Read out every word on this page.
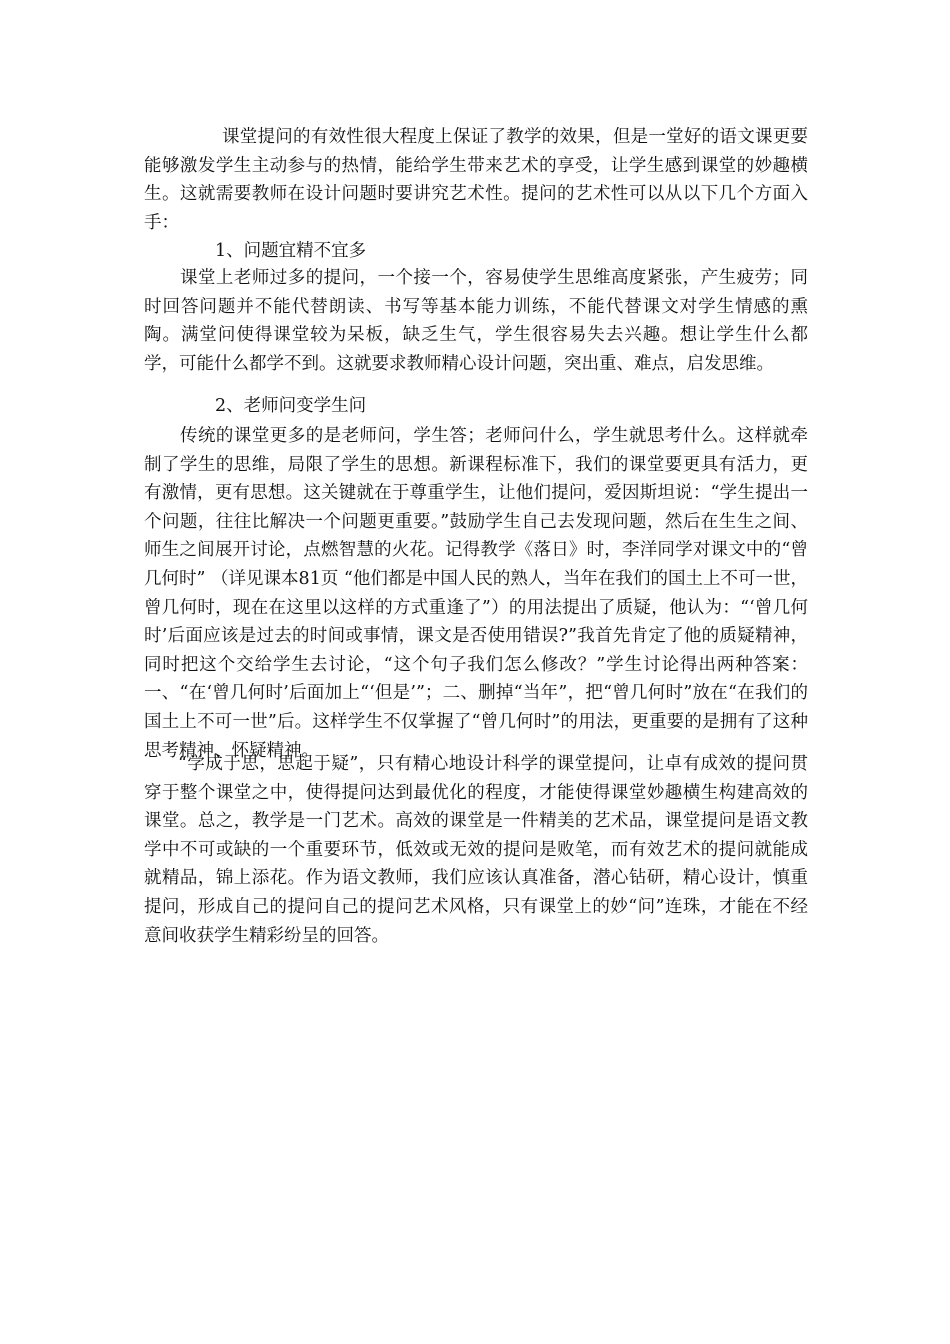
课堂提问的有效性很大程度上保证了教学的效果，但是一堂好的语文课更要能够激发学生主动参与的热情，能给学生带来艺术的享受，让学生感到课堂的妙趣横生。这就需要教师在设计问题时要讲究艺术性。提问的艺术性可以从以下几个方面入手：
1、问题宜精不宜多
课堂上老师过多的提问，一个接一个，容易使学生思维高度紧张，产生疲劳；同时回答问题并不能代替朗读、书写等基本能力训练，不能代替课文对学生情感的熏陶。满堂问使得课堂较为呆板，缺乏生气，学生很容易失去兴趣。想让学生什么都学，可能什么都学不到。这就要求教师精心设计问题，突出重、难点，启发思维。
2、老师问变学生问
传统的课堂更多的是老师问，学生答；老师问什么，学生就思考什么。这样就牵制了学生的思维，局限了学生的思想。新课程标准下，我们的课堂要更具有活力，更有激情，更有思想。这关键就在于尊重学生，让他们提问，爱因斯坦说：“学生提出一个问题，往往比解决一个问题更重要。”鼓励学生自己去发现问题，然后在生生之间、师生之间展开讨论，点燃智慧的火花。记得教学《落日》时，李洋同学对课文中的“曾几何时” （详见课本81页 “他们都是中国人民的熟人，当年在我们的国土上不可一世，曾几何时，现在在这里以这样的方式重逢了”）的用法提出了质疑，他认为：“‘曾几何时’后面应该是过去的时间或事情，课文是否使用错误?”我首先肯定了他的质疑精神，同时把这个交给学生去讨论，“这个句子我们怎么修改？”学生讨论得出两种答案：一、“在‘曾几何时’后面加上“‘但是’”；二、删掉“当年”，把“曾几何时”放在“在我们的国土上不可一世”后。这样学生不仅掌握了“曾几何时”的用法，更重要的是拥有了这种思考精神、怀疑精神。
“学成于思，思起于疑”，只有精心地设计科学的课堂提问，让卓有成效的提问贯穿于整个课堂之中，使得提问达到最优化的程度，才能使得课堂妙趣横生构建高效的课堂。总之，教学是一门艺术。高效的课堂是一件精美的艺术品，课堂提问是语文教学中不可或缺的一个重要环节，低效或无效的提问是败笔，而有效艺术的提问就能成就精品，锦上添花。作为语文教师，我们应该认真准备，潜心钻研，精心设计，慎重提问，形成自己的提问自己的提问艺术风格，只有课堂上的妙“问”连珠，才能在不经意间收获学生精彩纷呈的回答。
